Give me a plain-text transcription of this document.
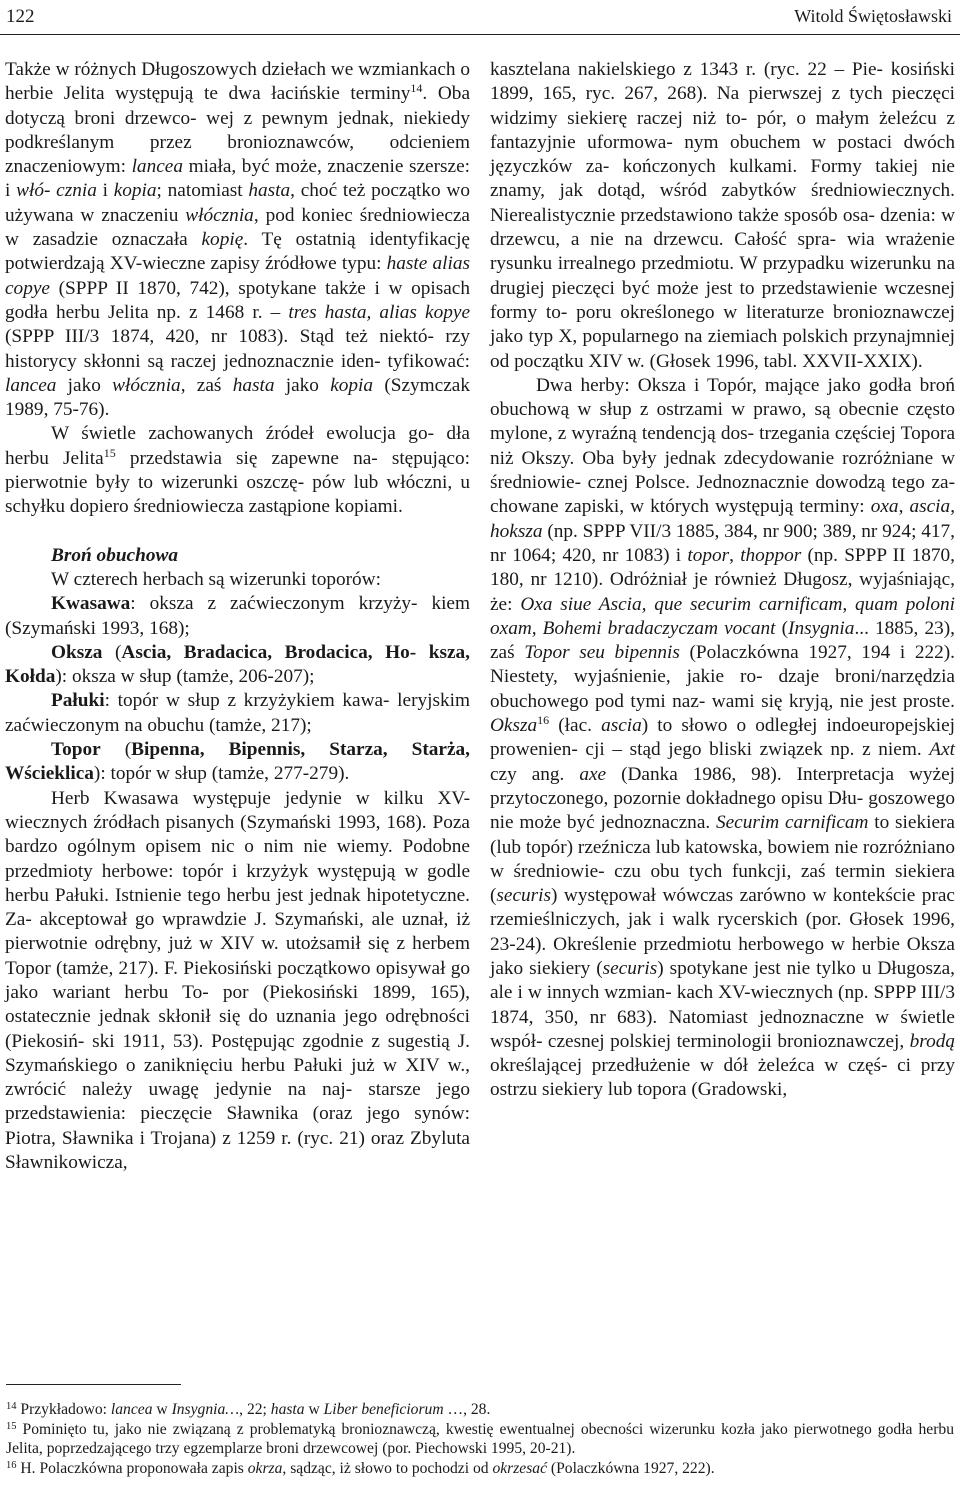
122	Witold Świętosławski

Także w różnych Długoszowych dziełach we wzmiankach o herbie Jelita występują te dwa łacińskie terminy$^{14}$. Oba dotyczą broni drzewco- wej z pewnym jednak, niekiedy podkreślanym przez bronioznawców, odcieniem znaczeniowym: lancea miała, być może, znaczenie szersze: i włó- cznia i kopia; natomiast hasta, choć też początko wo używana w znaczeniu włócznia, pod koniec średniowiecza w zasadzie oznaczała kopię. Tę ostatnią identyfikację potwierdzają XV-wieczne zapisy źródłowe typu: haste alias copye (SPPP II 1870, 742), spotykane także i w opisach godła herbu Jelita np. z 1468 r. – tres hasta, alias kopye (SPPP III/3 1874, 420, nr 1083). Stąd też niektó- rzy historycy skłonni są raczej jednoznacznie iden- tyfikować: lancea jako włócznia, zaś hasta jako kopia (Szymczak 1989, 75-76).

W świetle zachowanych źródeł ewolucja go- dła herbu Jelita$^{15}$ przedstawia się zapewne na- stępująco: pierwotnie były to wizerunki oszczę- pów lub włóczni, u schyłku dopiero średniowiecza zastąpione kopiami.

Broń obuchowa

W czterech herbach są wizerunki toporów:

Kwasawa: oksza z zaćwieczonym krzyży- kiem (Szymański 1993, 168);

Oksza (Ascia, Bradacica, Brodacica, Ho- ksza, Kołda): oksza w słup (tamże, 206-207);

Pałuki: topór w słup z krzyżykiem kawa- leryjskim zaćwieczonym na obuchu (tamże, 217);

Topor (Bipenna, Bipennis, Starza, Starża, Wścieklica): topór w słup (tamże, 277-279).

Herb Kwasawa występuje jedynie w kilku XV-wiecznych źródłach pisanych (Szymański 1993, 168). Poza bardzo ogólnym opisem nic o nim nie wiemy. Podobne przedmioty herbowe: topór i krzyżyk występują w godle herbu Pałuki. Istnienie tego herbu jest jednak hipotetyczne. Za- akceptował go wprawdzie J. Szymański, ale uznał, iż pierwotnie odrębny, już w XIV w. utożsamił się z herbem Topor (tamże, 217). F. Piekosiński początkowo opisywał go jako wariant herbu To- por (Piekosiński 1899, 165), ostatecznie jednak skłonił się do uznania jego odrębności (Piekosiń- ski 1911, 53). Postępując zgodnie z sugestią J. Szymańskiego o zaniknięciu herbu Pałuki już w XIV w., zwrócić należy uwagę jedynie na naj- starsze jego przedstawienia: pieczęcie Sławnika (oraz jego synów: Piotra, Sławnika i Trojana) z 1259 r. (ryc. 21) oraz Zbyluta Sławnikowicza,

kasztelana nakielskiego z 1343 r. (ryc. 22 – Pie- kosiński 1899, 165, ryc. 267, 268). Na pierwszej z tych pieczęci widzimy siekierę raczej niż to- pór, o małym żeleźcu z fantazyjnie uformowa- nym obuchem w postaci dwóch języczków za- kończonych kulkami. Formy takiej nie znamy, jak dotąd, wśród zabytków średniowiecznych. Nierealistycznie przedstawiono także sposób osa- dzenia: w drzewcu, a nie na drzewcu. Całość spra- wia wrażenie rysunku irrealnego przedmiotu. W przypadku wizerunku na drugiej pieczęci być może jest to przedstawienie wczesnej formy to- poru określonego w literaturze bronioznawczej jako typ X, popularnego na ziemiach polskich przynajmniej od początku XIV w. (Głosek 1996, tabl. XXVII-XXIX).

Dwa herby: Oksza i Topór, mające jako godła broń obuchową w słup z ostrzami w prawo, są obecnie często mylone, z wyraźną tendencją dos- trzegania częściej Topora niż Okszy. Oba były jednak zdecydowanie rozróżniane w średniowie- cznej Polsce. Jednoznacznie dowodzą tego za- chowane zapiski, w których występują terminy: oxa, ascia, hoksza (np. SPPP VII/3 1885, 384, nr 900; 389, nr 924; 417, nr 1064; 420, nr 1083) i topor, thoppor (np. SPPP II 1870, 180, nr 1210). Odróżniał je również Długosz, wyjaśniając, że: Oxa siue Ascia, que securim carnificam, quam poloni oxam, Bohemi bradaczyczam vocant (Insygnia... 1885, 23), zaś Topor seu bipennis (Polaczkówna 1927, 194 i 222). Niestety, wyjaśnienie, jakie ro- dzaje broni/narzędzia obuchowego pod tymi naz- wami się kryją, nie jest proste. Oksza$^{16}$ (łac. ascia) to słowo o odległej indoeuropejskiej prowenien- cji – stąd jego bliski związek np. z niem. Axt czy ang. axe (Danka 1986, 98). Interpretacja wyżej przytoczonego, pozornie dokładnego opisu Dłu- goszowego nie może być jednoznaczna. Securim carnificam to siekiera (lub topór) rzeźnicza lub katowska, bowiem nie rozróżniano w średniowie- czu obu tych funkcji, zaś termin siekiera (securis) występował wówczas zarówno w kontekście prac rzemieślniczych, jak i walk rycerskich (por. Głosek 1996, 23-24). Określenie przedmiotu herbowego w herbie Oksza jako siekiery (securis) spotykane jest nie tylko u Długosza, ale i w innych wzmian- kach XV-wiecznych (np. SPPP III/3 1874, 350, nr 683). Natomiast jednoznaczne w świetle współ- czesnej polskiej terminologii bronioznawczej, brodą określającej przedłużenie w dół żeleźca w częś- ci przy ostrzu siekiery lub topora (Gradowski,

$^{14}$ Przykładowo: lancea w Insygnia…, 22; hasta w Liber beneficiorum …, 28.

$^{15}$ Pominięto tu, jako nie związaną z problematyką bronioznawczą, kwestię ewentualnej obecności wizerunku kozła jako pierwotnego godła herbu Jelita, poprzedzającego trzy egzemplarze broni drzewcowej (por. Piechowski 1995, 20-21).

$^{16}$ H. Polaczkówna proponowała zapis okrza, sądząc, iż słowo to pochodzi od okrzesać (Polaczkówna 1927, 222).
